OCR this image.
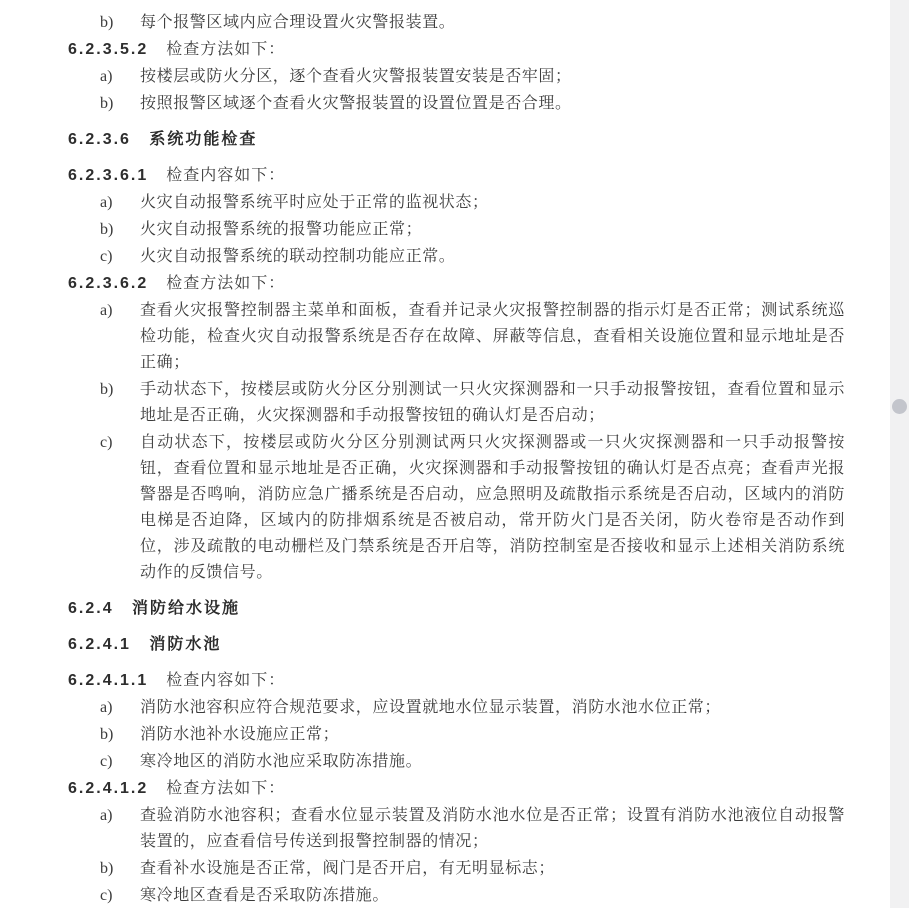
b)	每个报警区域内应合理设置火灾警报装置。

6.2.3.5.2 检查方法如下：

a)	按楼层或防火分区，逐个查看火灾警报装置安装是否牢固；
b)	按照报警区域逐个查看火灾警报装置的设置位置是否合理。

6.2.3.6 系统功能检查

6.2.3.6.1 检查内容如下：

a)	火灾自动报警系统平时应处于正常的监视状态；
b)	火灾自动报警系统的报警功能应正常；
c)	火灾自动报警系统的联动控制功能应正常。

6.2.3.6.2 检查方法如下：

a)	查看火灾报警控制器主菜单和面板，查看并记录火灾报警控制器的指示灯是否正常；测试系统巡检功能，检查火灾自动报警系统是否存在故障、屏蔽等信息，查看相关设施位置和显示地址是否正确；
b)	手动状态下，按楼层或防火分区分别测试一只火灾探测器和一只手动报警按钮，查看位置和显示地址是否正确，火灾探测器和手动报警按钮的确认灯是否启动；
c)	自动状态下，按楼层或防火分区分别测试两只火灾探测器或一只火灾探测器和一只手动报警按钮，查看位置和显示地址是否正确，火灾探测器和手动报警按钮的确认灯是否点亮；查看声光报警器是否鸣响，消防应急广播系统是否启动，应急照明及疏散指示系统是否启动，区域内的消防电梯是否迫降，区域内的防排烟系统是否被启动，常开防火门是否关闭，防火卷帘是否动作到位，涉及疏散的电动栅栏及门禁系统是否开启等，消防控制室是否接收和显示上述相关消防系统动作的反馈信号。

6.2.4 消防给水设施

6.2.4.1 消防水池

6.2.4.1.1 检查内容如下：

a)	消防水池容积应符合规范要求，应设置就地水位显示装置，消防水池水位正常；
b)	消防水池补水设施应正常；
c)	寒冷地区的消防水池应采取防冻措施。

6.2.4.1.2 检查方法如下：

a)	查验消防水池容积；查看水位显示装置及消防水池水位是否正常；设置有消防水池液位自动报警装置的，应查看信号传送到报警控制器的情况；
b)	查看补水设施是否正常，阀门是否开启，有无明显标志；
c)	寒冷地区查看是否采取防冻措施。
